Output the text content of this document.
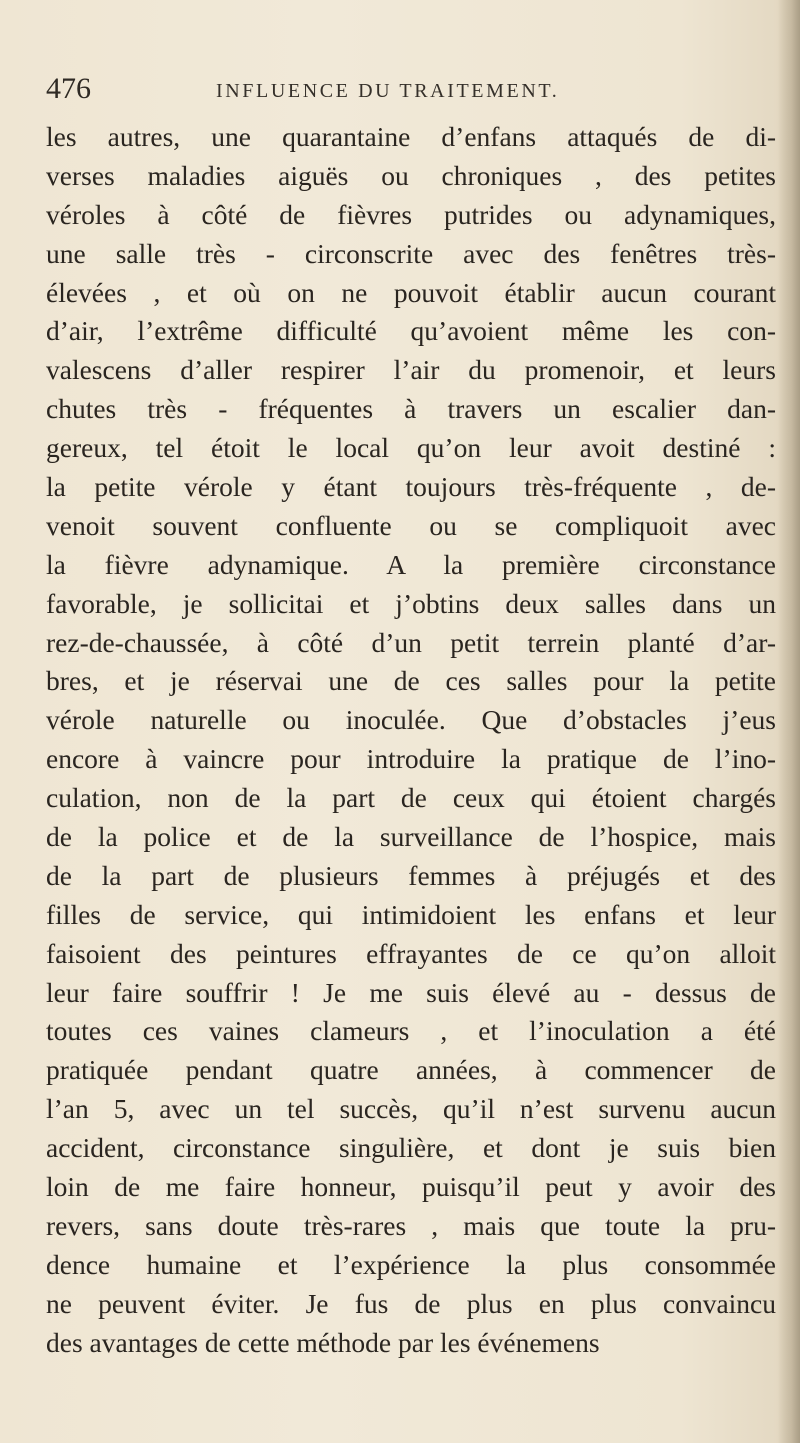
476	INFLUENCE DU TRAITEMENT.
les autres, une quarantaine d’enfans attaqués de di-
verses maladies aiguës ou chroniques , des petites
véroles à côté de fièvres putrides ou adynamiques,
une salle très - circonscrite avec des fenêtres très-
élevées , et où on ne pouvoit établir aucun courant
d’air, l’extrême difficulté qu’avoient même les con-
valescens d’aller respirer l’air du promenoir, et leurs
chutes très - fréquentes à travers un escalier dan-
gereux, tel étoit le local qu’on leur avoit destiné :
la petite vérole y étant toujours très-fréquente , de-
venoit souvent confluente ou se compliquoit avec
la fièvre adynamique. A la première circonstance
favorable, je sollicitai et j’obtins deux salles dans un
rez-de-chaussée, à côté d’un petit terrein planté d’ar-
bres, et je réservai une de ces salles pour la petite
vérole naturelle ou inoculée. Que d’obstacles j’eus
encore à vaincre pour introduire la pratique de l’ino-
culation, non de la part de ceux qui étoient chargés
de la police et de la surveillance de l’hospice, mais
de la part de plusieurs femmes à préjugés et des
filles de service, qui intimidoient les enfans et leur
faisoient des peintures effrayantes de ce qu’on alloit
leur faire souffrir ! Je me suis élevé au - dessus de
toutes ces vaines clameurs , et l’inoculation a été
pratiquée pendant quatre années, à commencer de
l’an 5, avec un tel succès, qu’il n’est survenu aucun
accident, circonstance singulière, et dont je suis bien
loin de me faire honneur, puisqu’il peut y avoir des
revers, sans doute très-rares , mais que toute la pru-
dence humaine et l’expérience la plus consommée
ne peuvent éviter. Je fus de plus en plus convaincu
des avantages de cette méthode par les événemens
